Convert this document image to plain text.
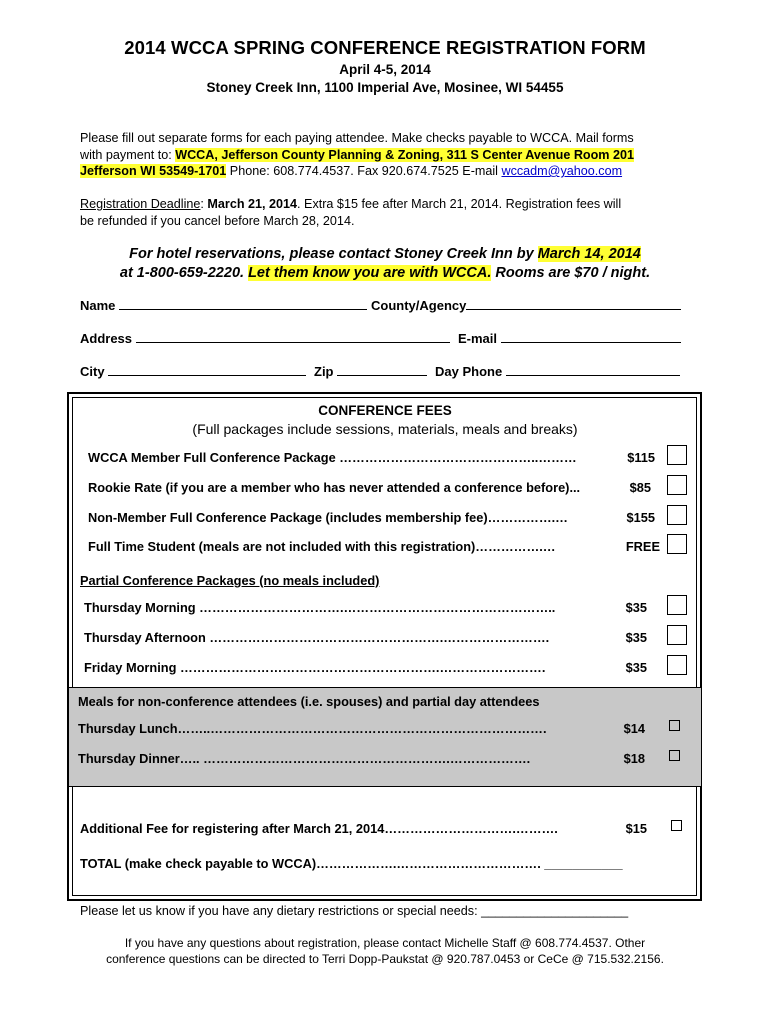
2014 WCCA SPRING CONFERENCE REGISTRATION FORM
April 4-5, 2014
Stoney Creek Inn, 1100 Imperial Ave, Mosinee, WI 54455
Please fill out separate forms for each paying attendee. Make checks payable to WCCA. Mail forms
with payment to: WCCA, Jefferson County Planning & Zoning, 311 S Center Avenue Room 201
Jefferson WI 53549-1701 Phone: 608.774.4537. Fax 920.674.7525 E-mail wccadm@yahoo.com
Registration Deadline: March 21, 2014. Extra $15 fee after March 21, 2014. Registration fees will
be refunded if you cancel before March 28, 2014.
For hotel reservations, please contact Stoney Creek Inn by March 14, 2014
at 1-800-659-2220. Let them know you are with WCCA. Rooms are $70 / night.
Name	County/Agency
Address	E-mail
City	Zip	Day Phone
CONFERENCE FEES
(Full packages include sessions, materials, meals and breaks)
WCCA Member Full Conference Package ………………………………………..………	$115
Rookie Rate (if you are a member who has never attended a conference before)...	$85
Non-Member Full Conference Package (includes membership fee)…………….…	$155
Full Time Student (meals are not included with this registration)…………….…	FREE
Partial Conference Packages (no meals included)
Thursday Morning …………………………….…………………………………………..	$35
Thursday Afternoon ……………………………………………….…………………….	$35
Friday Morning …………………………………………………….…………………….	$35
Meals for non-conference attendees (i.e. spouses) and partial day attendees
Thursday Lunch……..…………………………………………………………………….	$14
Thursday Dinner….. ………………………………………………….……………….	$18
Additional Fee for registering after March 21, 2014………………………….……….	$15
TOTAL (make check payable to WCCA)……………….……………………………. ___________
Please let us know if you have any dietary restrictions or special needs: _____________________
If you have any questions about registration, please contact Michelle Staff @ 608.774.4537. Other
conference questions can be directed to Terri Dopp-Paukstat @ 920.787.0453 or CeCe @ 715.532.2156.
